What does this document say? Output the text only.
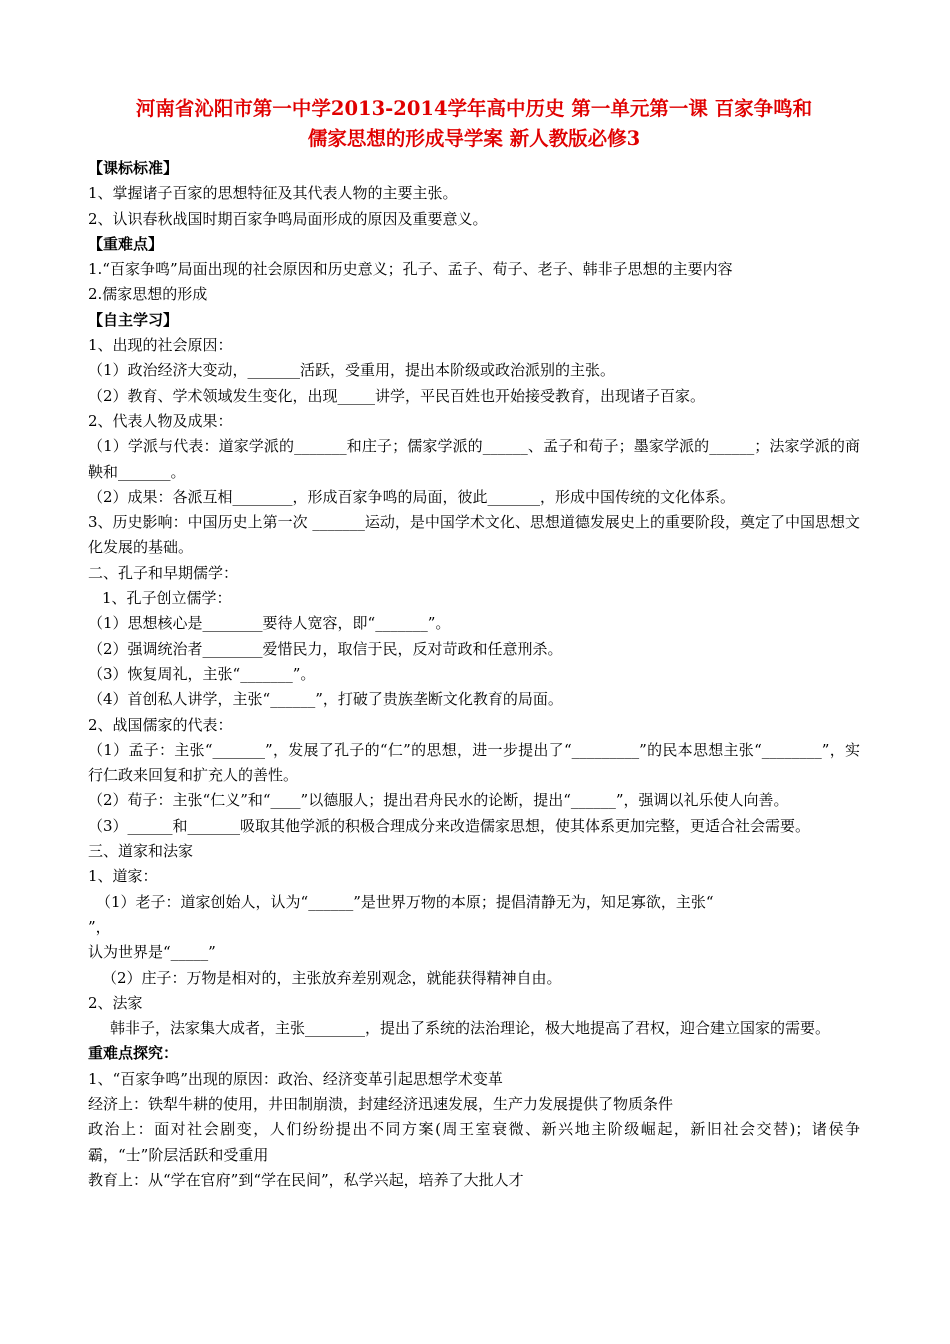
河南省沁阳市第一中学2013-2014学年高中历史 第一单元第一课 百家争鸣和
儒家思想的形成导学案 新人教版必修3

【课标标准】

1、掌握诸子百家的思想特征及其代表人物的主要主张。

2、认识春秋战国时期百家争鸣局面形成的原因及重要意义。

【重难点】

1.“百家争鸣”局面出现的社会原因和历史意义；孔子、孟子、荀子、老子、韩非子思想的主要内容

2.儒家思想的形成

【自主学习】

1、出现的社会原因：

（1）政治经济大变动，_______活跃，受重用，提出本阶级或政治派别的主张。

（2）教育、学术领域发生变化，出现_____讲学，平民百姓也开始接受教育，出现诸子百家。

2、代表人物及成果：

（1）学派与代表：道家学派的_______和庄子；儒家学派的______、孟子和荀子；墨家学派的______；法家学派的商鞅和_______。

（2）成果：各派互相________，形成百家争鸣的局面，彼此_______，形成中国传统的文化体系。

3、历史影响：中国历史上第一次 _______运动，是中国学术文化、思想道德发展史上的重要阶段，奠定了中国思想文化发展的基础。

二、孔子和早期儒学：

1、孔子创立儒学：

（1）思想核心是________要待人宽容，即“_______”。

（2）强调统治者________爱惜民力，取信于民，反对苛政和任意刑杀。

（3）恢复周礼，主张“_______”。

（4）首创私人讲学，主张“______”，打破了贵族垄断文化教育的局面。

2、战国儒家的代表：

（1）孟子：主张“_______”，发展了孔子的“仁”的思想，进一步提出了“_________”的民本思想主张“________”，实行仁政来回复和扩充人的善性。

（2）荀子：主张“仁义”和“____”以德服人；提出君舟民水的论断，提出“______”，强调以礼乐使人向善。

（3）______和_______吸取其他学派的积极合理成分来改造儒家思想，使其体系更加完整，更适合社会需要。

三、道家和法家

1、道家：

（1）老子：道家创始人，认为“______”是世界万物的本原；提倡清静无为，知足寡欲，主张“

”，

认为世界是“_____”

（2）庄子：万物是相对的，主张放弃差别观念，就能获得精神自由。

2、法家

韩非子，法家集大成者，主张________，提出了系统的法治理论，极大地提高了君权，迎合建立国家的需要。

重难点探究：

1、“百家争鸣”出现的原因：政治、经济变革引起思想学术变革

经济上：铁犁牛耕的使用，井田制崩溃，封建经济迅速发展，生产力发展提供了物质条件

政治上：面对社会剧变，人们纷纷提出不同方案(周王室衰微、新兴地主阶级崛起，新旧社会交替)；诸侯争霸，“士”阶层活跃和受重用

教育上：从“学在官府”到“学在民间”，私学兴起，培养了大批人才
